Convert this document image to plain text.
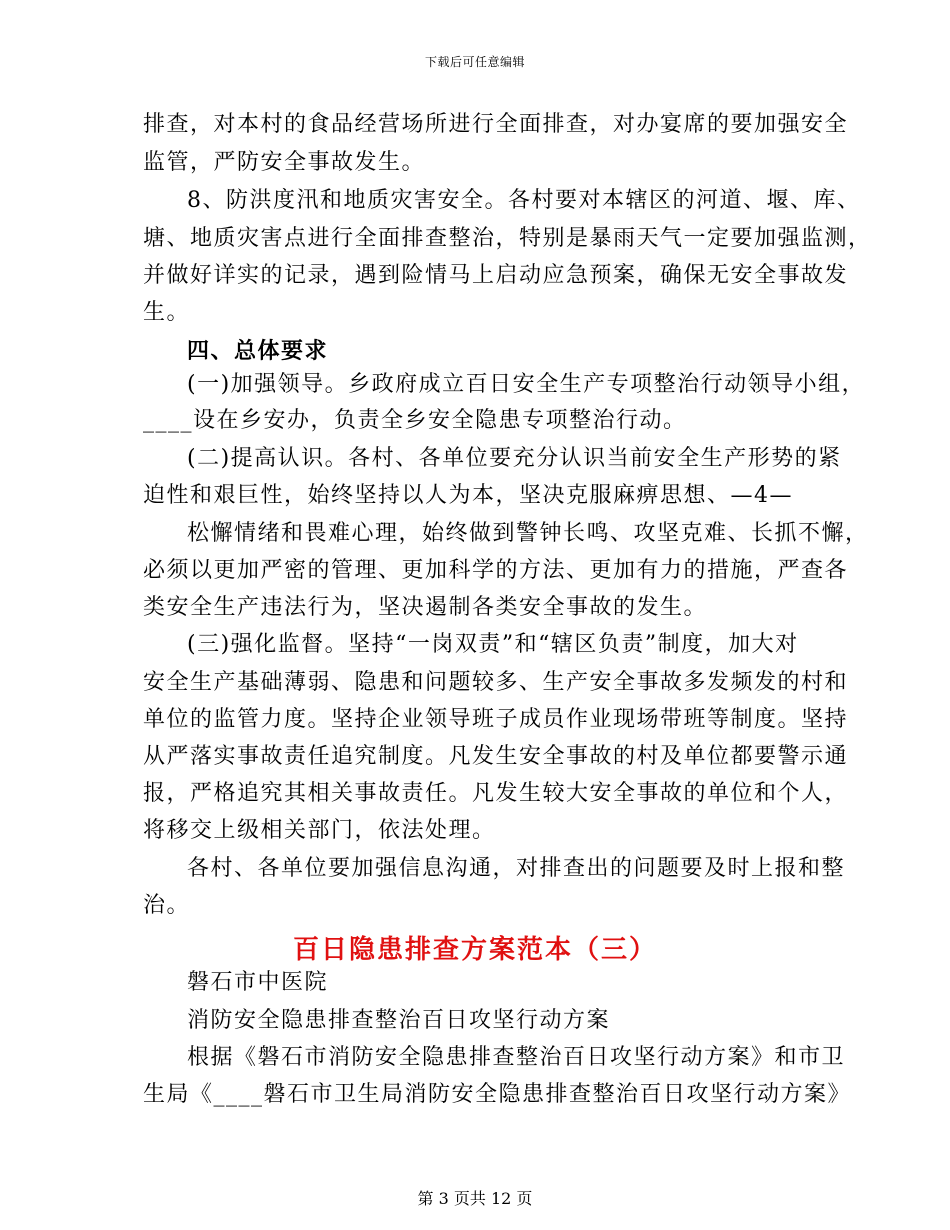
下载后可任意编辑
排查，对本村的食品经营场所进行全面排查，对办宴席的要加强安全
监管，严防安全事故发生。
8、防洪度汛和地质灾害安全。各村要对本辖区的河道、堰、库、
塘、地质灾害点进行全面排查整治，特别是暴雨天气一定要加强监测，
并做好详实的记录，遇到险情马上启动应急预案，确保无安全事故发
生。
四、总体要求
(一)加强领导。乡政府成立百日安全生产专项整治行动领导小组，
____设在乡安办，负责全乡安全隐患专项整治行动。
(二)提高认识。各村、各单位要充分认识当前安全生产形势的紧
迫性和艰巨性，始终坚持以人为本，坚决克服麻痹思想、—4—
松懈情绪和畏难心理，始终做到警钟长鸣、攻坚克难、长抓不懈，
必须以更加严密的管理、更加科学的方法、更加有力的措施，严查各
类安全生产违法行为，坚决遏制各类安全事故的发生。
(三)强化监督。坚持“一岗双责”和“辖区负责”制度，加大对
安全生产基础薄弱、隐患和问题较多、生产安全事故多发频发的村和
单位的监管力度。坚持企业领导班子成员作业现场带班等制度。坚持
从严落实事故责任追究制度。凡发生安全事故的村及单位都要警示通
报，严格追究其相关事故责任。凡发生较大安全事故的单位和个人，
将移交上级相关部门，依法处理。
各村、各单位要加强信息沟通，对排查出的问题要及时上报和整
治。
百日隐患排查方案范本（三）
磐石市中医院
消防安全隐患排查整治百日攻坚行动方案
根据《磐石市消防安全隐患排查整治百日攻坚行动方案》和市卫
生局《____磐石市卫生局消防安全隐患排查整治百日攻坚行动方案》
第 3 页共 12 页
